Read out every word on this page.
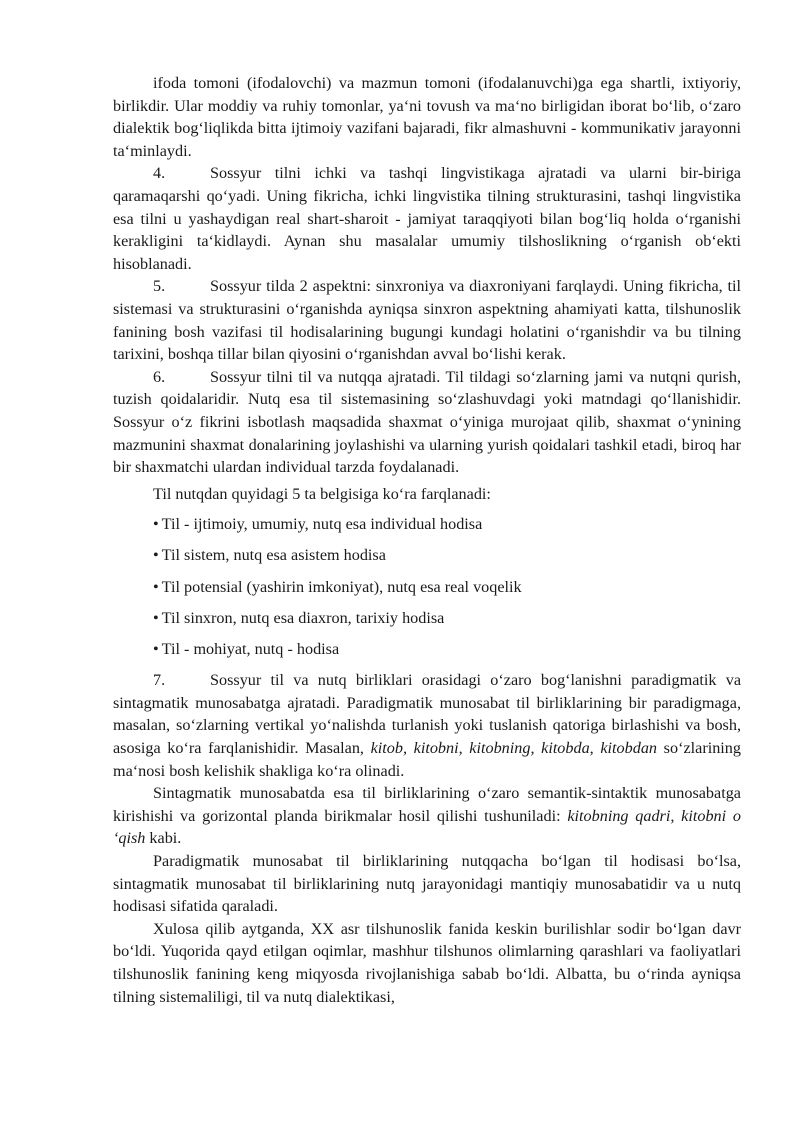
ifoda tomoni (ifodalovchi) va mazmun tomoni (ifodalanuvchi)ga ega shartli, ixtiyoriy, birlikdir. Ular moddiy va ruhiy tomonlar, yaʻni tovush va maʻno birligidan iborat boʻlib, oʻzaro dialektik bogʻliqlikda bitta ijtimoiy vazifani bajaradi, fikr almashuvni - kommunikativ jarayonni taʻminlaydi.

4.	Sossyur tilni ichki va tashqi lingvistikaga ajratadi va ularni bir-biriga qaramaqarshi qoʻyadi. Uning fikricha, ichki lingvistika tilning strukturasini, tashqi lingvistika esa tilni u yashaydigan real shart-sharoit - jamiyat taraqqiyoti bilan bogʻliq holda oʻrganishi kerakligini taʻkidlaydi. Aynan shu masalalar umumiy tilshoslikning oʻrganish obʻekti hisoblanadi.

5.	Sossyur tilda 2 aspektni: sinxroniya va diaxroniyani farqlaydi. Uning fikricha, til sistemasi va strukturasini oʻrganishda ayniqsa sinxron aspektning ahamiyati katta, tilshunoslik fanining bosh vazifasi til hodisalarining bugungi kundagi holatini oʻrganishdir va bu tilning tarixini, boshqa tillar bilan qiyosini oʻrganishdan avval boʻlishi kerak.

6.	Sossyur tilni til va nutqqa ajratadi. Til tildagi soʻzlarning jami va nutqni qurish, tuzish qoidalaridir. Nutq esa til sistemasining soʻzlashuvdagi yoki matndagi qoʻllanishidir. Sossyur oʻz fikrini isbotlash maqsadida shaxmat oʻyiniga murojaat qilib, shaxmat oʻynining mazmunini shaxmat donalarining joylashishi va ularning yurish qoidalari tashkil etadi, biroq har bir shaxmatchi ulardan individual tarzda foydalanadi.

Til nutqdan quyidagi 5 ta belgisiga koʻra farqlanadi:

• Til - ijtimoiy, umumiy, nutq esa individual hodisa
• Til sistem, nutq esa asistem hodisa
• Til potensial (yashirin imkoniyat), nutq esa real voqelik
• Til sinxron, nutq esa diaxron, tarixiy hodisa
• Til - mohiyat, nutq - hodisa

7.	Sossyur til va nutq birliklari orasidagi oʻzaro bogʻlanishni paradigmatik va sintagmatik munosabatga ajratadi. Paradigmatik munosabat til birliklarining bir paradigmaga, masalan, soʻzlarning vertikal yoʻnalishda turlanish yoki tuslanish qatoriga birlashishi va bosh, asosiga koʻra farqlanishidir. Masalan, kitob, kitobni, kitobning, kitobda, kitobdan soʻzlarining maʻnosi bosh kelishik shakliga koʻra olinadi.

Sintagmatik munosabatda esa til birliklarining oʻzaro semantik-sintaktik munosabatga kirishishi va gorizontal planda birikmalar hosil qilishi tushuniladi: kitobning qadri, kitobni o ‘qish kabi.

Paradigmatik munosabat til birliklarining nutqqacha boʻlgan til hodisasi boʻlsa, sintagmatik munosabat til birliklarining nutq jarayonidagi mantiqiy munosabatidir va u nutq hodisasi sifatida qaraladi.

Xulosa qilib aytganda, XX asr tilshunoslik fanida keskin burilishlar sodir boʻlgan davr boʻldi. Yuqorida qayd etilgan oqimlar, mashhur tilshunos olimlarning qarashlari va faoliyatlari tilshunoslik fanining keng miqyosda rivojlanishiga sabab boʻldi. Albatta, bu oʻrinda ayniqsa tilning sistemaliligi, til va nutq dialektikasi,
